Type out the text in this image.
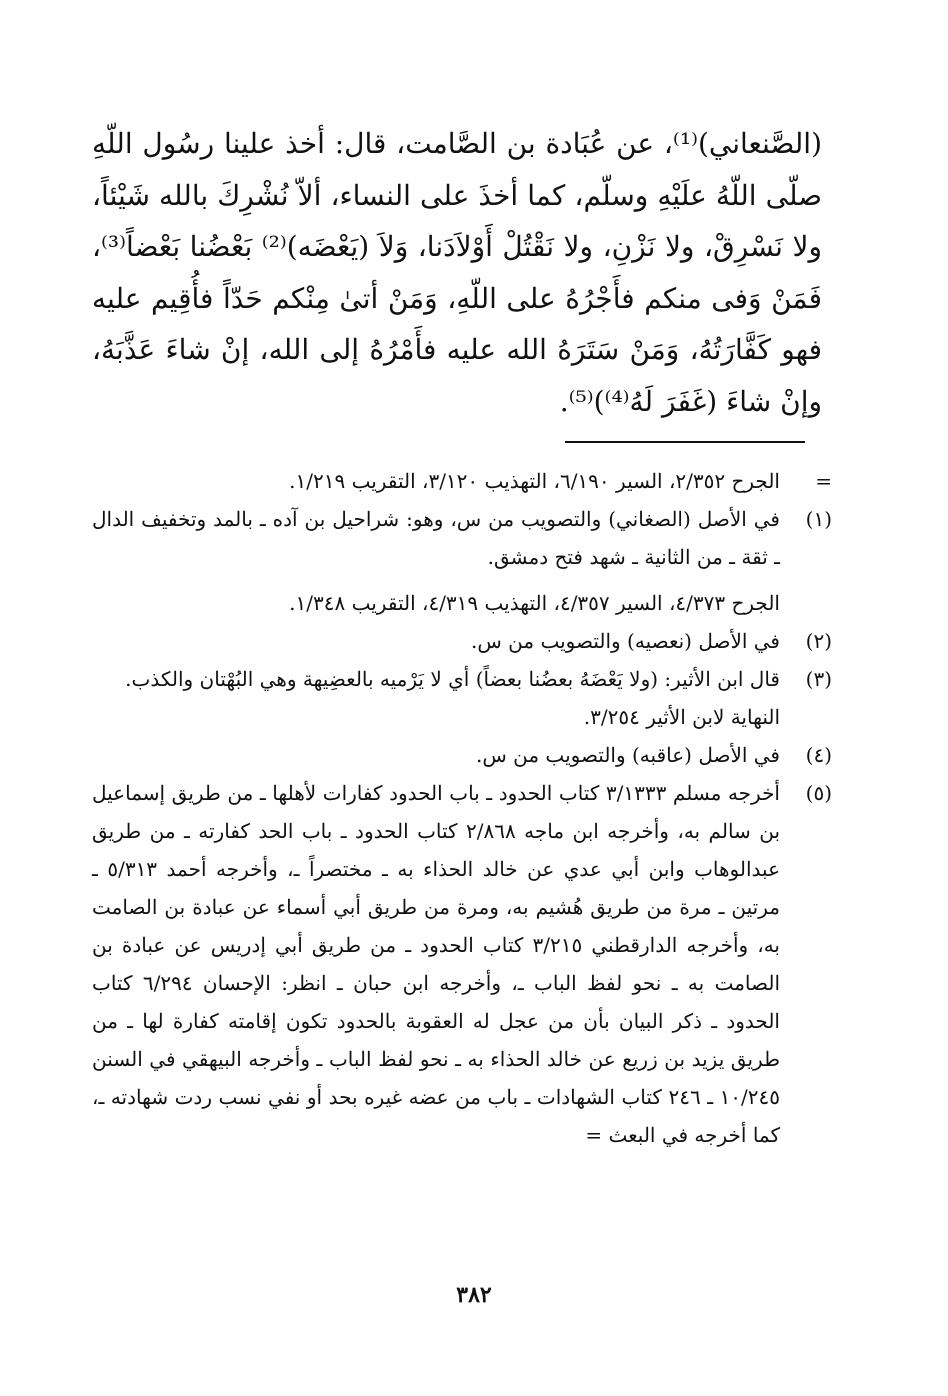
(الصَّنعاني)⁽¹⁾، عن عُبَادة بن الصَّامت، قال: أخذ علينا رسُول اللّهِ صلّى اللّهُ علَيْهِ وسلّم، كما أخذَ على النساء، ألاّ نُشْرِكَ بالله شَيْئاً، ولا نَسْرِقْ، ولا نَزْنِ، ولا نَقْتُلْ أَوْلاَدَنا، وَلاَ (يَعْضَه)⁽²⁾ بَعْضُنا بَعْضاً⁽³⁾، فَمَنْ وَفى منكم فأَجْرُهُ على اللّهِ، وَمَنْ أتىٰ مِنْكم حَدّاً فأُقِيم عليه فهو كَفَّارَتُهُ، وَمَنْ سَتَرَهُ الله عليه فأَمْرُهُ إلى الله، إنْ شاءَ عَذَّبَهُ، وإنْ شاءَ (غَفَرَ لَهُ⁽⁴⁾)⁽⁵⁾.

=

الجرح ٢/٣٥٢، السير ٦/١٩٠، التهذيب ٣/١٢٠، التقريب ١/٢١٩.

(١)

في الأصل (الصغاني) والتصويب من س، وهو: شراحيل بن آده ـ بالمد وتخفيف الدال ـ ثقة ـ من الثانية ـ شهد فتح دمشق.

الجرح ٤/٣٧٣، السير ٤/٣٥٧، التهذيب ٤/٣١٩، التقريب ١/٣٤٨.

(٢)

في الأصل (نعصيه) والتصويب من س.

(٣)

قال ابن الأثير: (ولا يَعْضَهُ بعضُنا بعضاً) أي لا يَرْميه بالعضِيهة وهي البُهْتان والكذب.

النهاية لابن الأثير ٣/٢٥٤.

(٤)

في الأصل (عاقبه) والتصويب من س.

(٥)

أخرجه مسلم ٣/١٣٣٣ كتاب الحدود ـ باب الحدود كفارات لأهلها ـ من طريق إسماعيل بن سالم به، وأخرجه ابن ماجه ٢/٨٦٨ كتاب الحدود ـ باب الحد كفارته ـ من طريق عبدالوهاب وابن أبي عدي عن خالد الحذاء به ـ مختصراً ـ، وأخرجه أحمد ٥/٣١٣ ـ مرتين ـ مرة من طريق هُشيم به، ومرة من طريق أبي أسماء عن عبادة بن الصامت به، وأخرجه الدارقطني ٣/٢١٥ كتاب الحدود ـ من طريق أبي إدريس عن عبادة بن الصامت به ـ نحو لفظ الباب ـ، وأخرجه ابن حبان ـ انظر: الإحسان ٦/٢٩٤ كتاب الحدود ـ ذكر البيان بأن من عجل له العقوبة بالحدود تكون إقامته كفارة لها ـ من طريق يزيد بن زريع عن خالد الحذاء به ـ نحو لفظ الباب ـ وأخرجه البيهقي في السنن ١٠/٢٤٥ ـ ٢٤٦ كتاب الشهادات ـ باب من عضه غيره بحد أو نفي نسب ردت شهادته ـ، كما أخرجه في البعث =

٣٨٢
